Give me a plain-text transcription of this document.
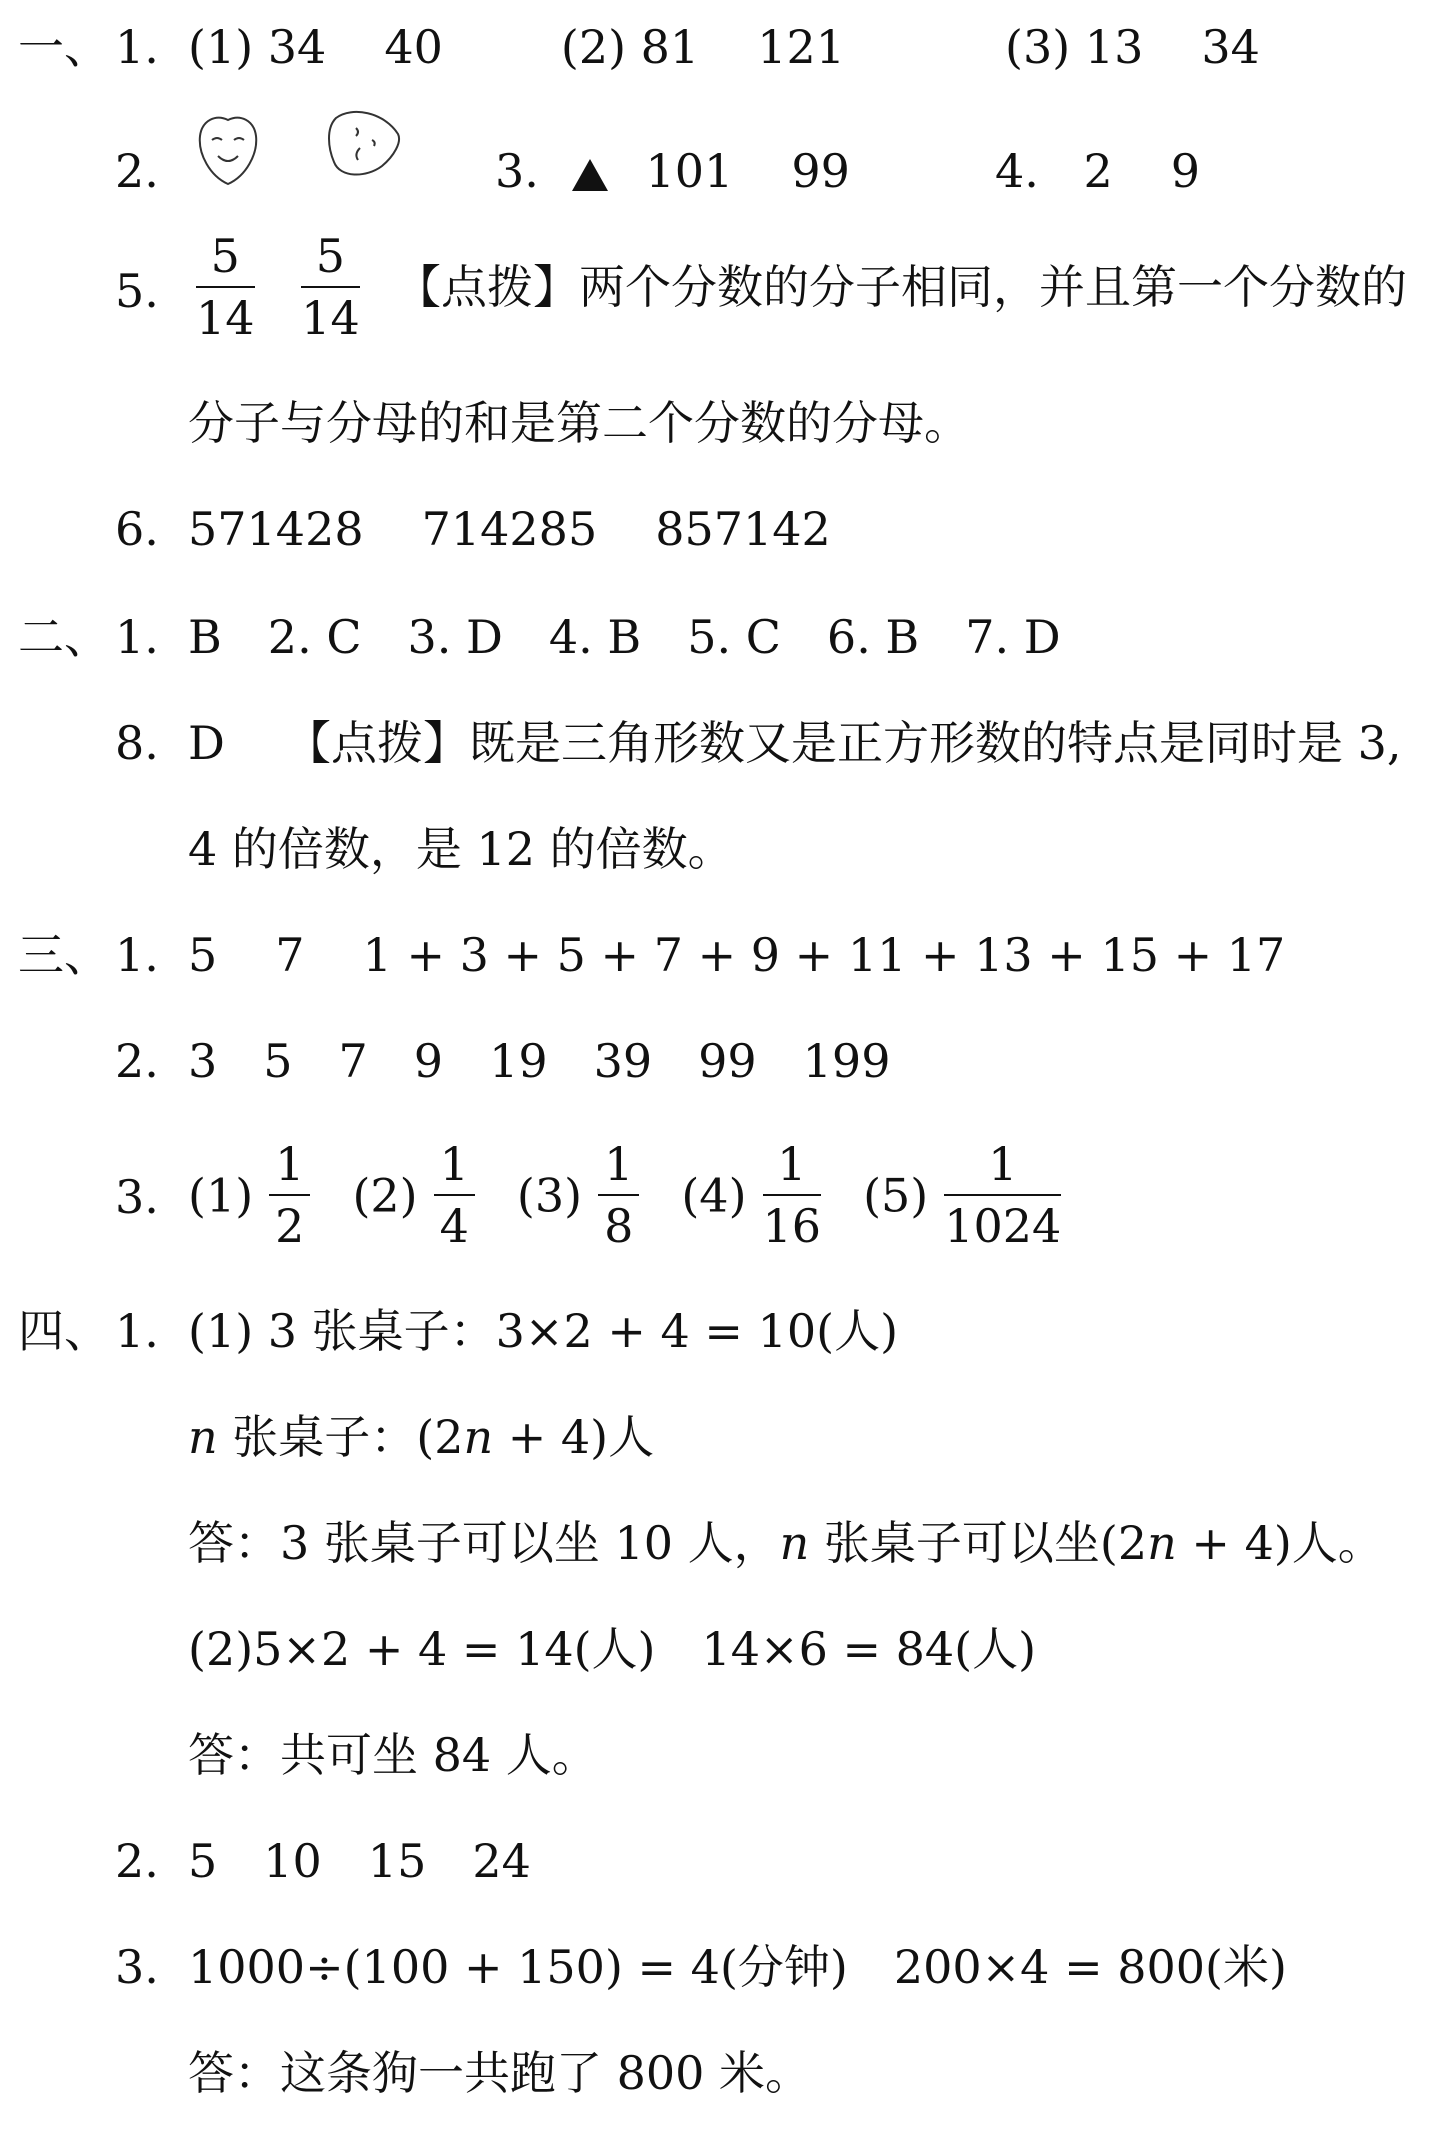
一、 1. (1) 34 40	(2) 81 121	(3) 13 34
2.	3. 101 99	4. 2 9
5. $\frac{5}{14}$
$\frac{5}{14}$ 【点拨】两个分数的分子相同，并且第一个分数的
分子与分母的和是第二个分数的分母。
6. 571428 714285 857142
二、 1. B　2. C　3. D　4. B　5. C　6. B　7. D
8. D 【点拨】既是三角形数又是正方形数的特点是同时是 3,
4 的倍数，是 12 的倍数。
三、 1. 5 7 1 + 3 + 5 + 7 + 9 + 11 + 13 + 15 + 17
2. 3　5　7　9　19　39　99　199
3. $(1) \frac{1}{2} (2) \frac{1}{4} (3) \frac{1}{8} (4) \frac{1}{16} (5) \frac{1}{1024}$
四、 1. (1) 3 张桌子：3×2 + 4 = 10(人)
n 张桌子：(2n + 4)人
答：3 张桌子可以坐 10 人，n 张桌子可以坐(2n + 4)人。
(2)5×2 + 4 = 14(人)　14×6 = 84(人)
答：共可坐 84 人。
2. 5　10　15　24
3. 1000÷(100 + 150) = 4(分钟)　200×4 = 800(米)
答：这条狗一共跑了 800 米。
